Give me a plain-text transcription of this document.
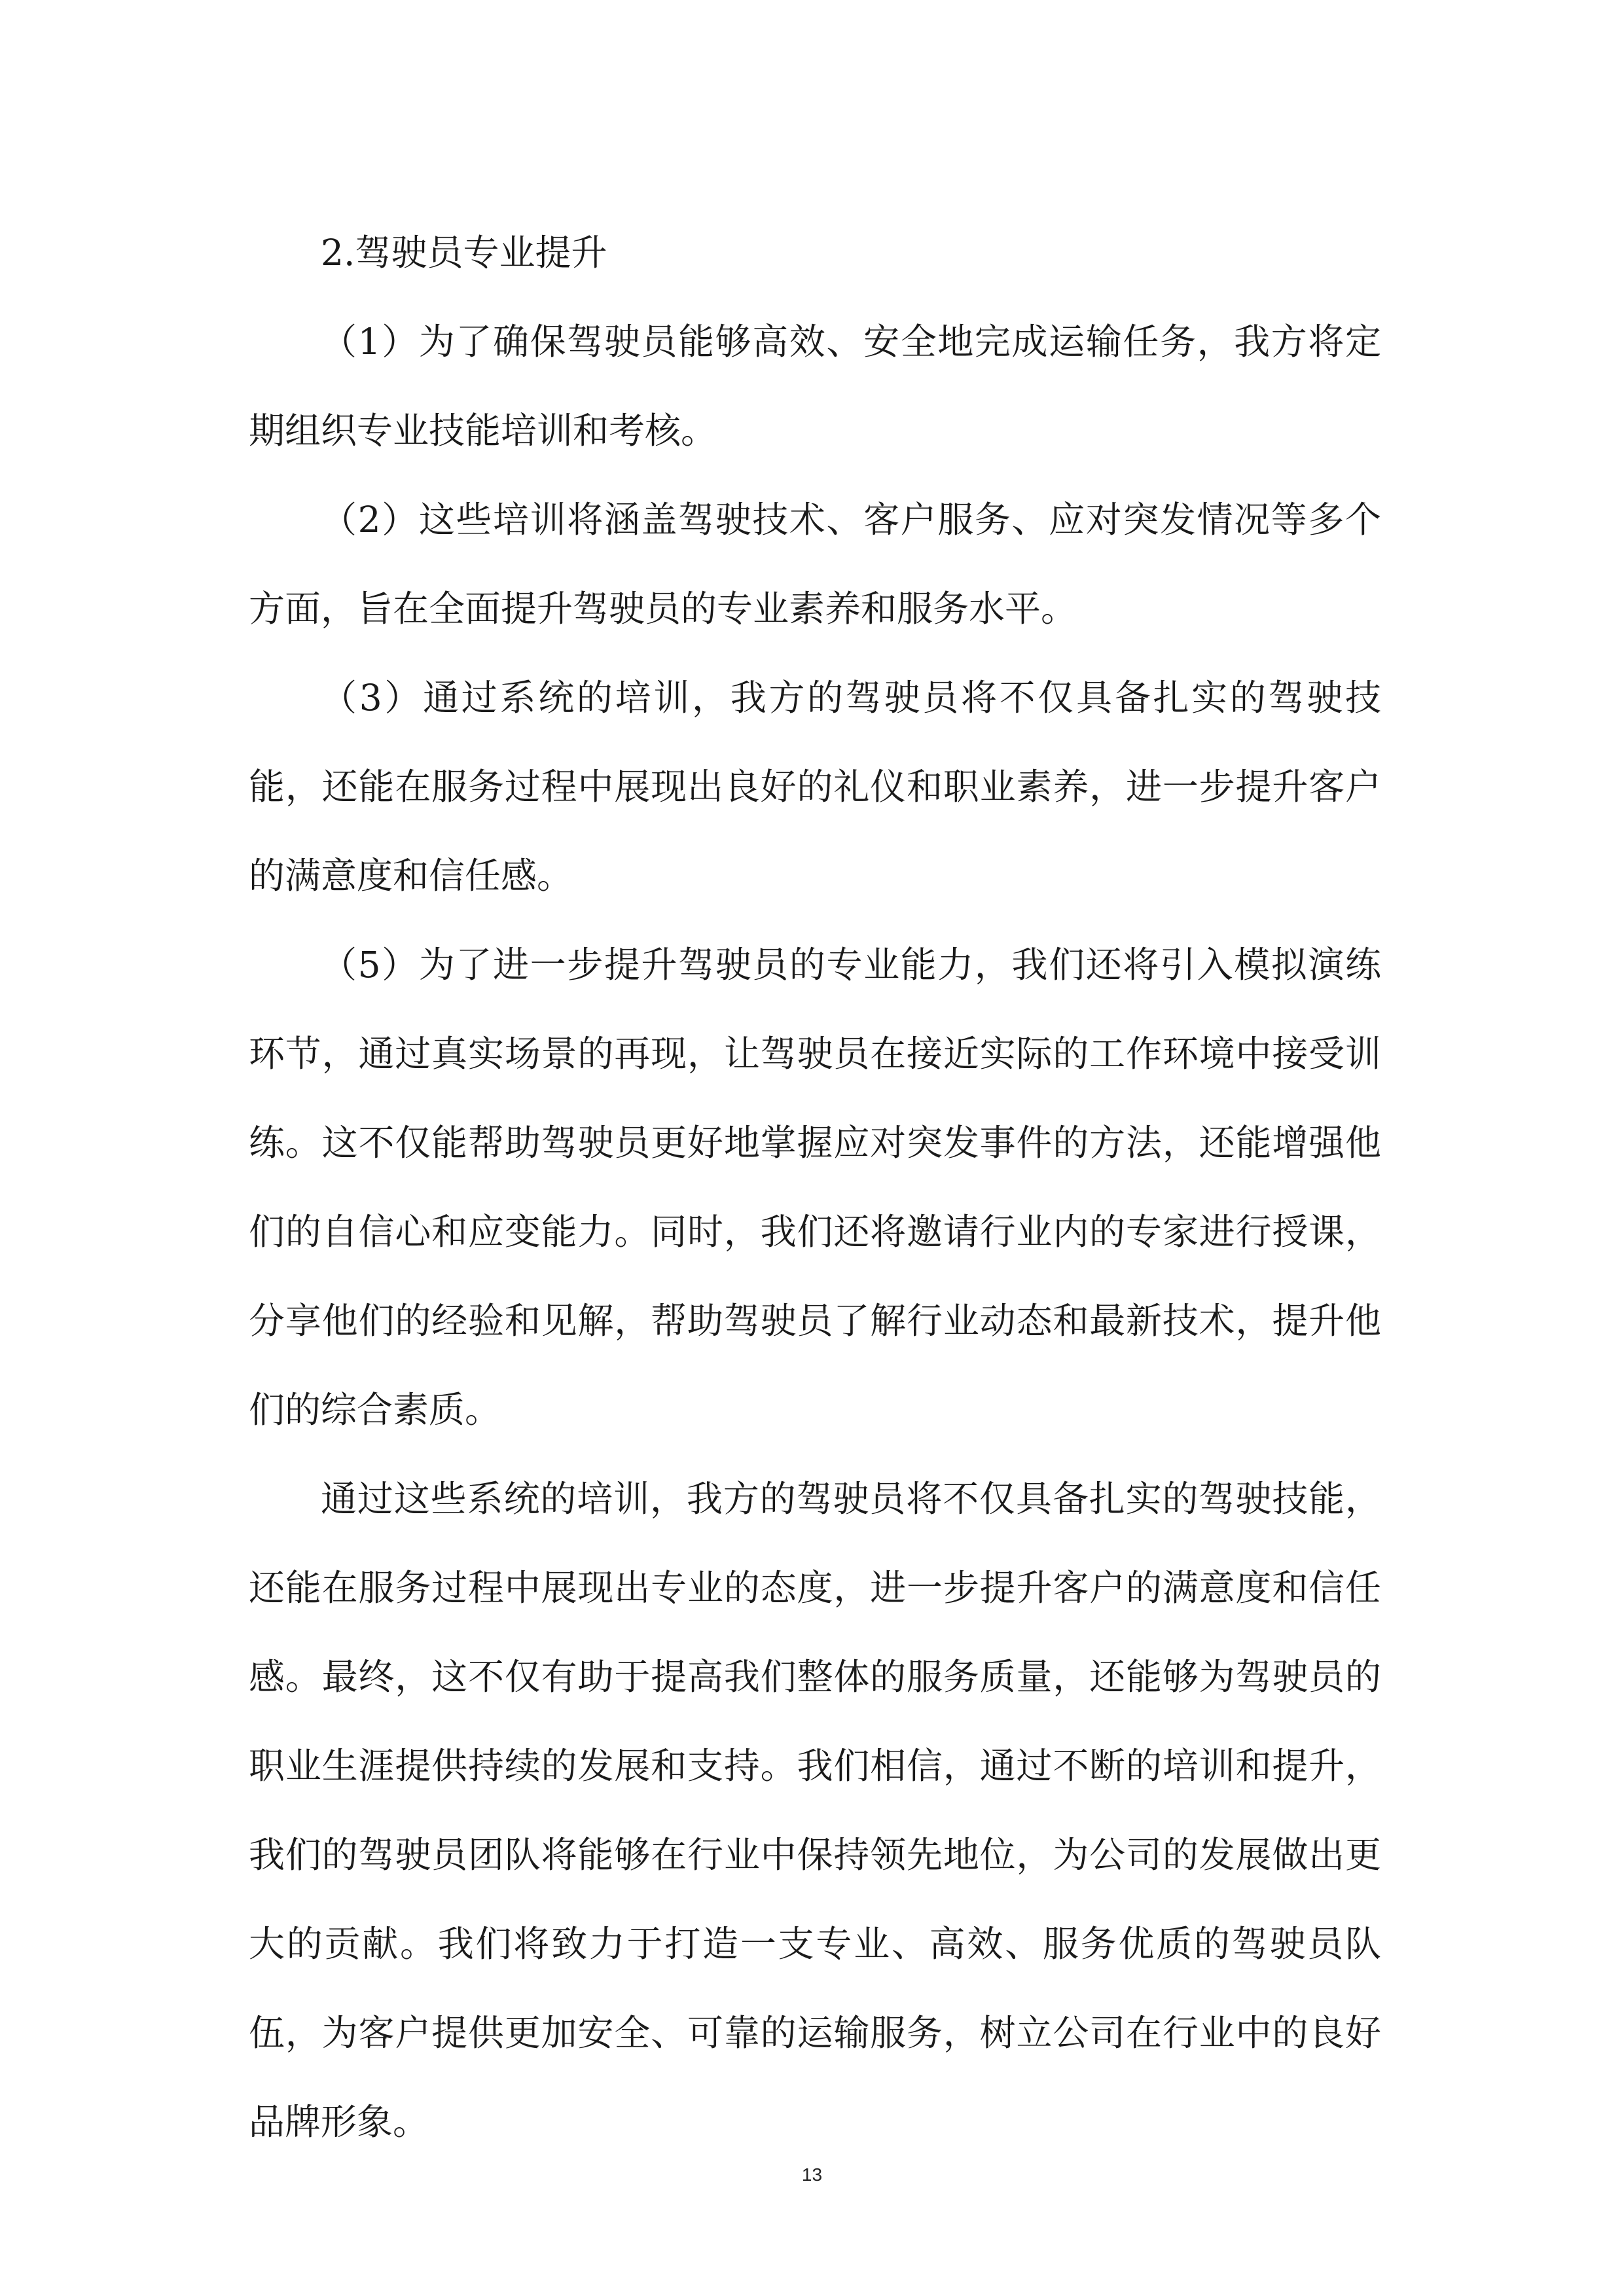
2.驾驶员专业提升

（1）为了确保驾驶员能够高效、安全地完成运输任务，我方将定期组织专业技能培训和考核。

（2）这些培训将涵盖驾驶技术、客户服务、应对突发情况等多个方面，旨在全面提升驾驶员的专业素养和服务水平。

（3）通过系统的培训，我方的驾驶员将不仅具备扎实的驾驶技能，还能在服务过程中展现出良好的礼仪和职业素养，进一步提升客户的满意度和信任感。

（5）为了进一步提升驾驶员的专业能力，我们还将引入模拟演练环节，通过真实场景的再现，让驾驶员在接近实际的工作环境中接受训练。这不仅能帮助驾驶员更好地掌握应对突发事件的方法，还能增强他们的自信心和应变能力。同时，我们还将邀请行业内的专家进行授课，分享他们的经验和见解，帮助驾驶员了解行业动态和最新技术，提升他们的综合素质。

通过这些系统的培训，我方的驾驶员将不仅具备扎实的驾驶技能，还能在服务过程中展现出专业的态度，进一步提升客户的满意度和信任感。最终，这不仅有助于提高我们整体的服务质量，还能够为驾驶员的职业生涯提供持续的发展和支持。我们相信，通过不断的培训和提升，我们的驾驶员团队将能够在行业中保持领先地位，为公司的发展做出更大的贡献。我们将致力于打造一支专业、高效、服务优质的驾驶员队伍，为客户提供更加安全、可靠的运输服务，树立公司在行业中的良好品牌形象。

13
